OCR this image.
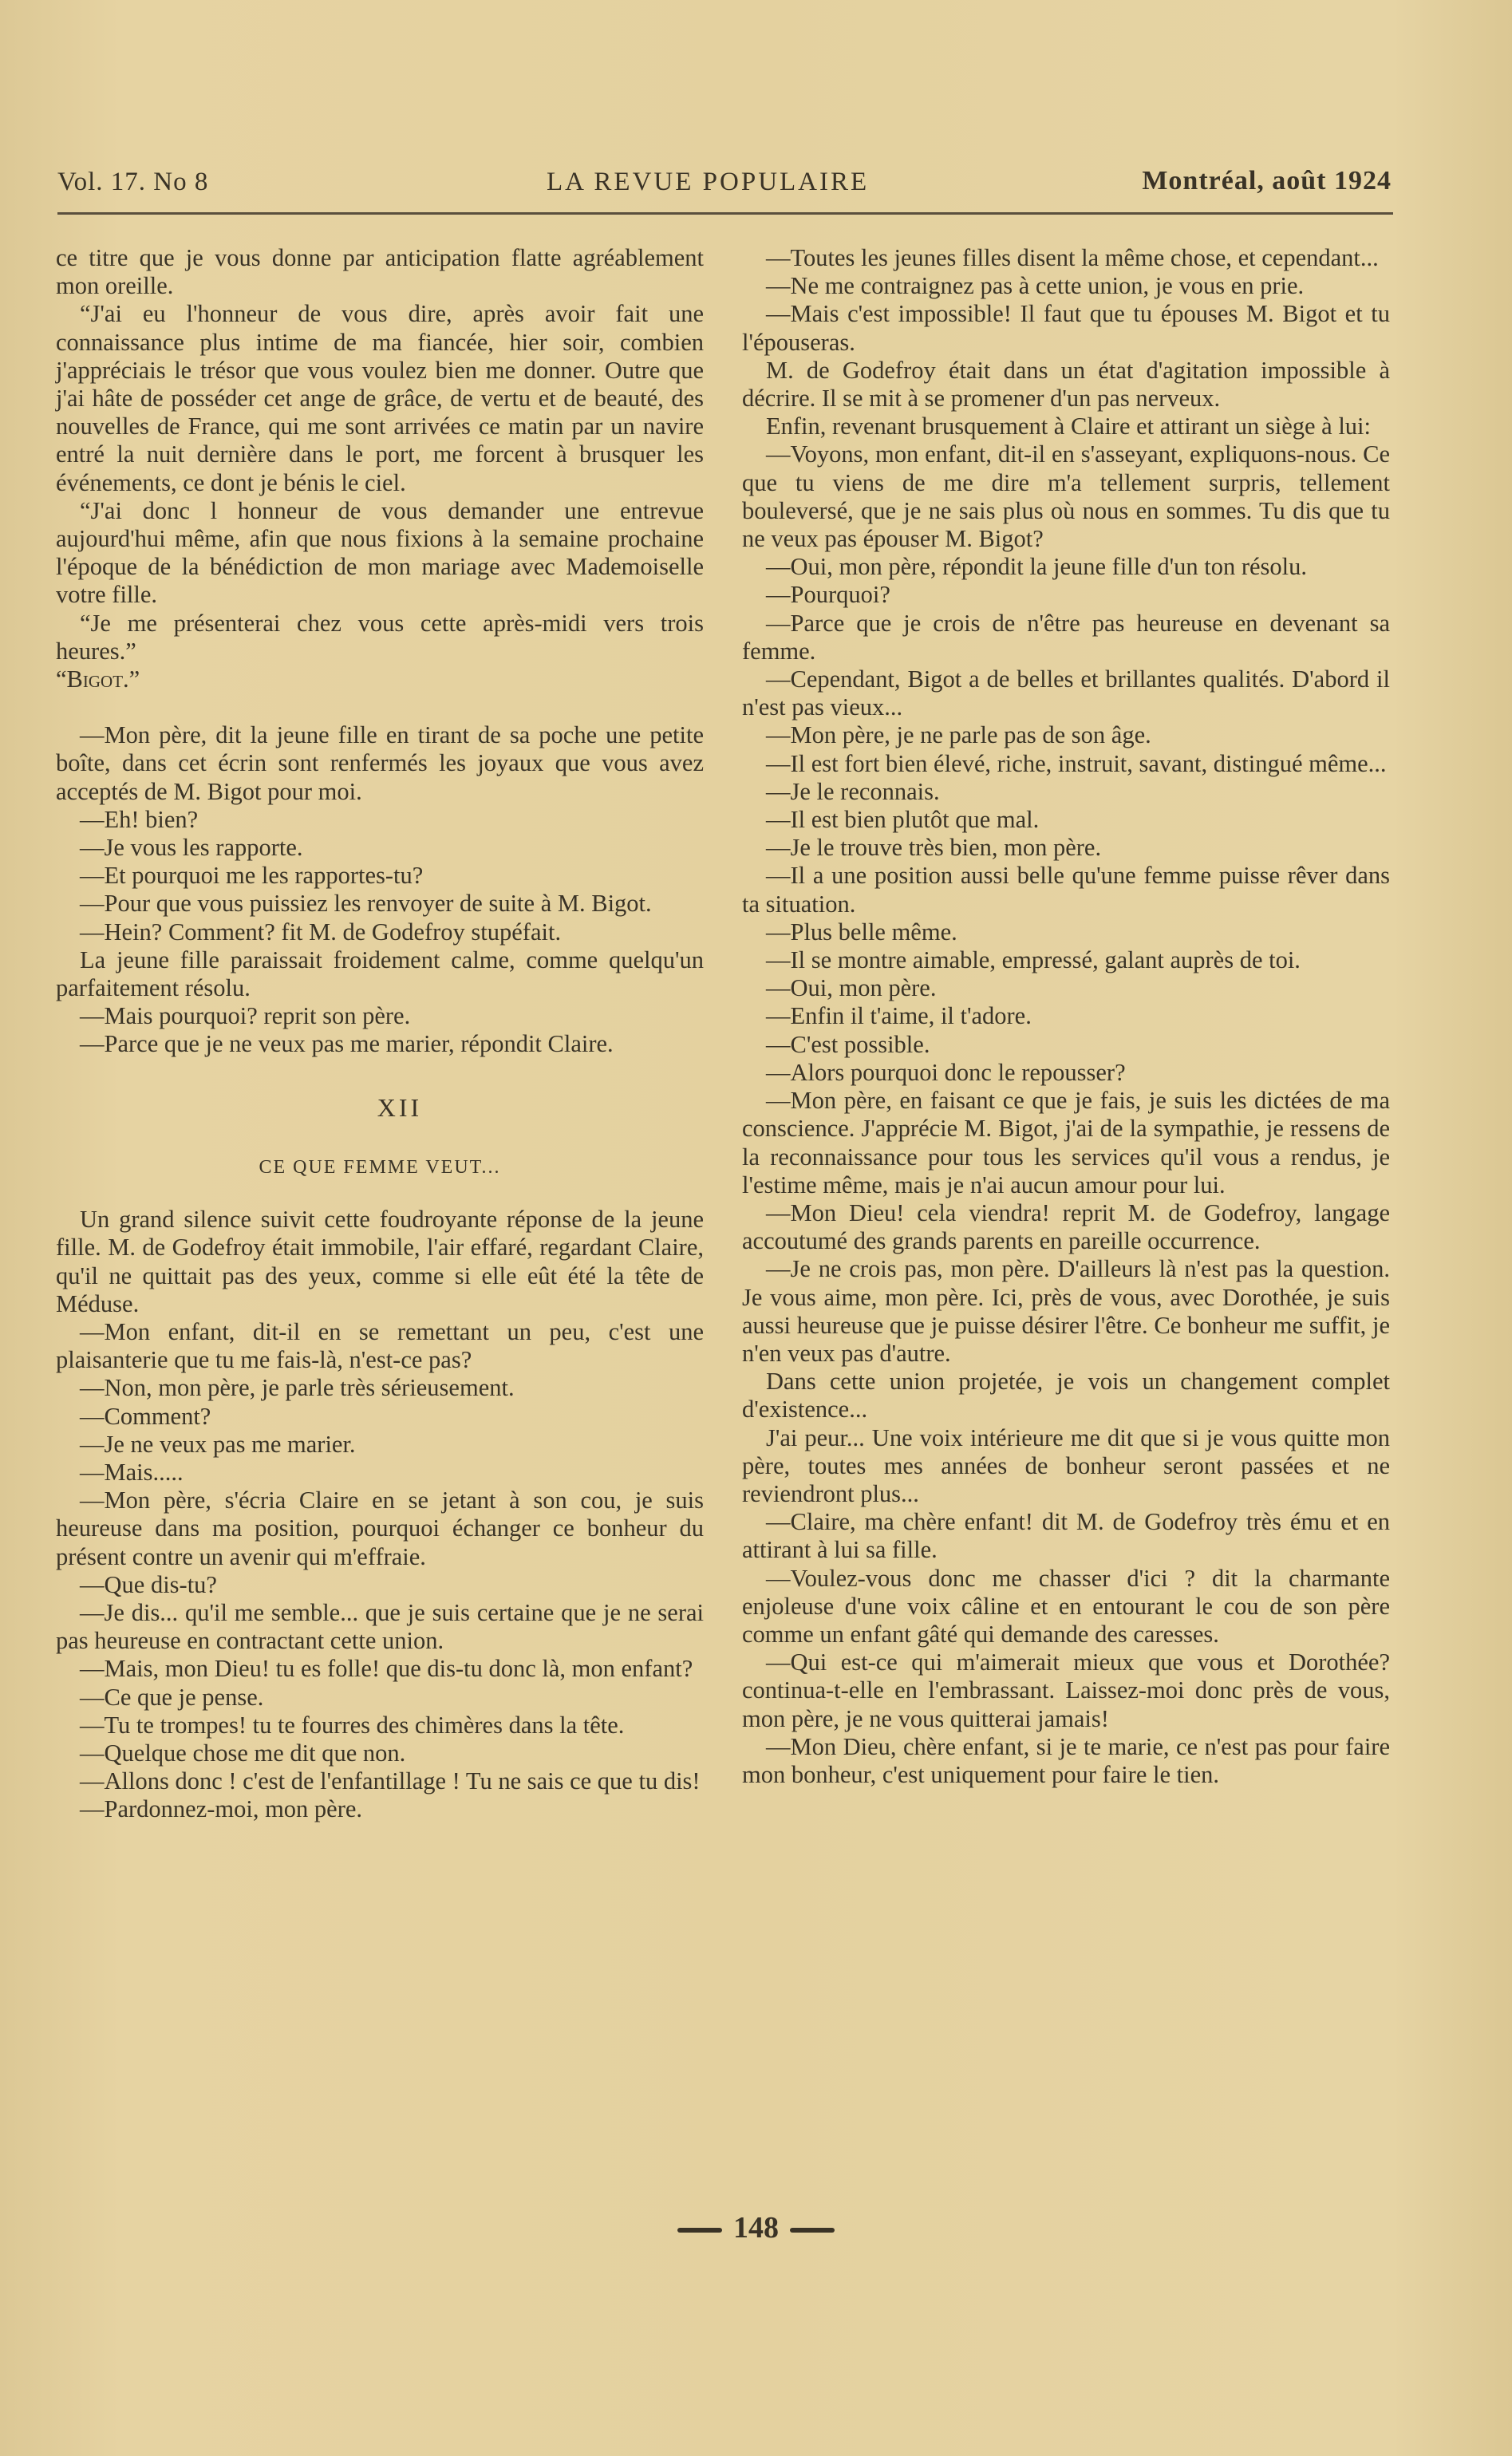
Vol. 17. No 8	LA REVUE POPULAIRE	Montréal, août 1924

ce titre que je vous donne par anticipation flatte agréablement mon oreille.

“J'ai eu l'honneur de vous dire, après avoir fait une connaissance plus intime de ma fiancée, hier soir, combien j'appréciais le trésor que vous voulez bien me donner. Outre que j'ai hâte de posséder cet ange de grâce, de vertu et de beauté, des nouvelles de France, qui me sont arrivées ce matin par un navire entré la nuit dernière dans le port, me forcent à brusquer les événements, ce dont je bénis le ciel.

“J'ai donc l honneur de vous demander une entrevue aujourd'hui même, afin que nous fixions à la semaine prochaine l'époque de la bénédiction de mon mariage avec Mademoiselle votre fille.

“Je me présenterai chez vous cette après-midi vers trois heures.”

“Bigot.”

—Mon père, dit la jeune fille en tirant de sa poche une petite boîte, dans cet écrin sont renfermés les joyaux que vous avez acceptés de M. Bigot pour moi.

—Eh! bien?

—Je vous les rapporte.

—Et pourquoi me les rapportes-tu?

—Pour que vous puissiez les renvoyer de suite à M. Bigot.

—Hein? Comment? fit M. de Godefroy stupéfait.

La jeune fille paraissait froidement calme, comme quelqu'un parfaitement résolu.

—Mais pourquoi? reprit son père.

—Parce que je ne veux pas me marier, répondit Claire.

XII
CE QUE FEMME VEUT...

Un grand silence suivit cette foudroyante réponse de la jeune fille. M. de Godefroy était immobile, l'air effaré, regardant Claire, qu'il ne quittait pas des yeux, comme si elle eût été la tête de Méduse.

—Mon enfant, dit-il en se remettant un peu, c'est une plaisanterie que tu me fais-là, n'est-ce pas?

—Non, mon père, je parle très sérieusement.

—Comment?

—Je ne veux pas me marier.

—Mais.....

—Mon père, s'écria Claire en se jetant à son cou, je suis heureuse dans ma position, pourquoi échanger ce bonheur du présent contre un avenir qui m'effraie.

—Que dis-tu?

—Je dis... qu'il me semble... que je suis certaine que je ne serai pas heureuse en contractant cette union.

—Mais, mon Dieu! tu es folle! que dis-tu donc là, mon enfant?

—Ce que je pense.

—Tu te trompes! tu te fourres des chimères dans la tête.

—Quelque chose me dit que non.

—Allons donc ! c'est de l'enfantillage ! Tu ne sais ce que tu dis!

—Pardonnez-moi, mon père.

—Toutes les jeunes filles disent la même chose, et cependant...

—Ne me contraignez pas à cette union, je vous en prie.

—Mais c'est impossible! Il faut que tu épouses M. Bigot et tu l'épouseras.

M. de Godefroy était dans un état d'agitation impossible à décrire. Il se mit à se promener d'un pas nerveux.

Enfin, revenant brusquement à Claire et attirant un siège à lui:

—Voyons, mon enfant, dit-il en s'asseyant, expliquons-nous. Ce que tu viens de me dire m'a tellement surpris, tellement bouleversé, que je ne sais plus où nous en sommes. Tu dis que tu ne veux pas épouser M. Bigot?

—Oui, mon père, répondit la jeune fille d'un ton résolu.

—Pourquoi?

—Parce que je crois de n'être pas heureuse en devenant sa femme.

—Cependant, Bigot a de belles et brillantes qualités. D'abord il n'est pas vieux...

—Mon père, je ne parle pas de son âge.

—Il est fort bien élevé, riche, instruit, savant, distingué même...

—Je le reconnais.

—Il est bien plutôt que mal.

—Je le trouve très bien, mon père.

—Il a une position aussi belle qu'une femme puisse rêver dans ta situation.

—Plus belle même.

—Il se montre aimable, empressé, galant auprès de toi.

—Oui, mon père.

—Enfin il t'aime, il t'adore.

—C'est possible.

—Alors pourquoi donc le repousser?

—Mon père, en faisant ce que je fais, je suis les dictées de ma conscience. J'apprécie M. Bigot, j'ai de la sympathie, je ressens de la reconnaissance pour tous les services qu'il vous a rendus, je l'estime même, mais je n'ai aucun amour pour lui.

—Mon Dieu! cela viendra! reprit M. de Godefroy, langage accoutumé des grands parents en pareille occurrence.

—Je ne crois pas, mon père. D'ailleurs là n'est pas la question. Je vous aime, mon père. Ici, près de vous, avec Dorothée, je suis aussi heureuse que je puisse désirer l'être. Ce bonheur me suffit, je n'en veux pas d'autre.

Dans cette union projetée, je vois un changement complet d'existence...

J'ai peur... Une voix intérieure me dit que si je vous quitte mon père, toutes mes années de bonheur seront passées et ne reviendront plus...

—Claire, ma chère enfant! dit M. de Godefroy très ému et en attirant à lui sa fille.

—Voulez-vous donc me chasser d'ici ? dit la charmante enjoleuse d'une voix câline et en entourant le cou de son père comme un enfant gâté qui demande des caresses.

—Qui est-ce qui m'aimerait mieux que vous et Dorothée? continua-t-elle en l'embrassant. Laissez-moi donc près de vous, mon père, je ne vous quitterai jamais!

—Mon Dieu, chère enfant, si je te marie, ce n'est pas pour faire mon bonheur, c'est uniquement pour faire le tien.

148
